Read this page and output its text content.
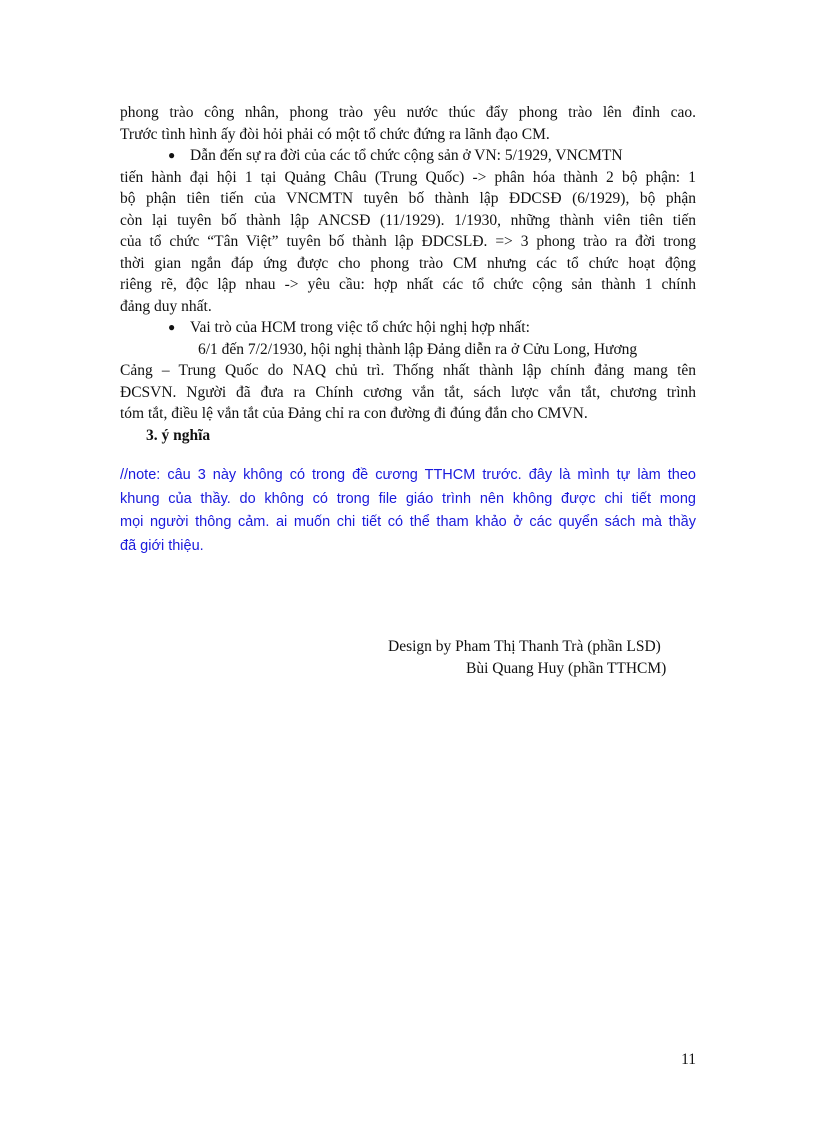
phong trào công nhân, phong trào yêu nước thúc đẩy phong trào lên đỉnh cao.
Trước tình hình ấy đòi hỏi phải có một tổ chức đứng ra lãnh đạo CM.
● Dẫn đến sự ra đời của các tổ chức cộng sản ở VN: 5/1929, VNCMTN
tiến hành đại hội 1 tại Quảng Châu (Trung Quốc) -> phân hóa thành 2 bộ phận: 1
bộ phận tiên tiến của VNCMTN tuyên bố thành lập ĐDCSĐ (6/1929), bộ phận
còn lại tuyên bố thành lập ANCSĐ (11/1929). 1/1930, những thành viên tiên tiến
của tổ chức “Tân Việt” tuyên bố thành lập ĐDCSLĐ. => 3 phong trào ra đời trong
thời gian ngắn đáp ứng được cho phong trào CM nhưng các tổ chức hoạt động
riêng rẽ, độc lập nhau -> yêu cầu: hợp nhất các tổ chức cộng sản thành 1 chính
đảng duy nhất.
● Vai trò của HCM trong việc tổ chức hội nghị hợp nhất:
6/1 đến 7/2/1930, hội nghị thành lập Đảng diễn ra ở Cửu Long, Hương
Cảng – Trung Quốc do NAQ chủ trì. Thống nhất thành lập chính đảng mang tên
ĐCSVN. Người đã đưa ra Chính cương vắn tắt, sách lược vắn tắt, chương trình
tóm tắt, điều lệ vắn tắt của Đảng chỉ ra con đường đi đúng đắn cho CMVN.
3. ý nghĩa
//note: câu 3 này không có trong đề cương TTHCM trước. đây là mình tự làm theo
khung của thầy. do không có trong file giáo trình nên không được chi tiết mong
mọi người thông cảm. ai muốn chi tiết có thể tham khảo ở các quyển sách mà thầy
đã giới thiệu.
Design by Pham Thị Thanh Trà (phần LSD)
Bùi Quang Huy (phần TTHCM)
11
